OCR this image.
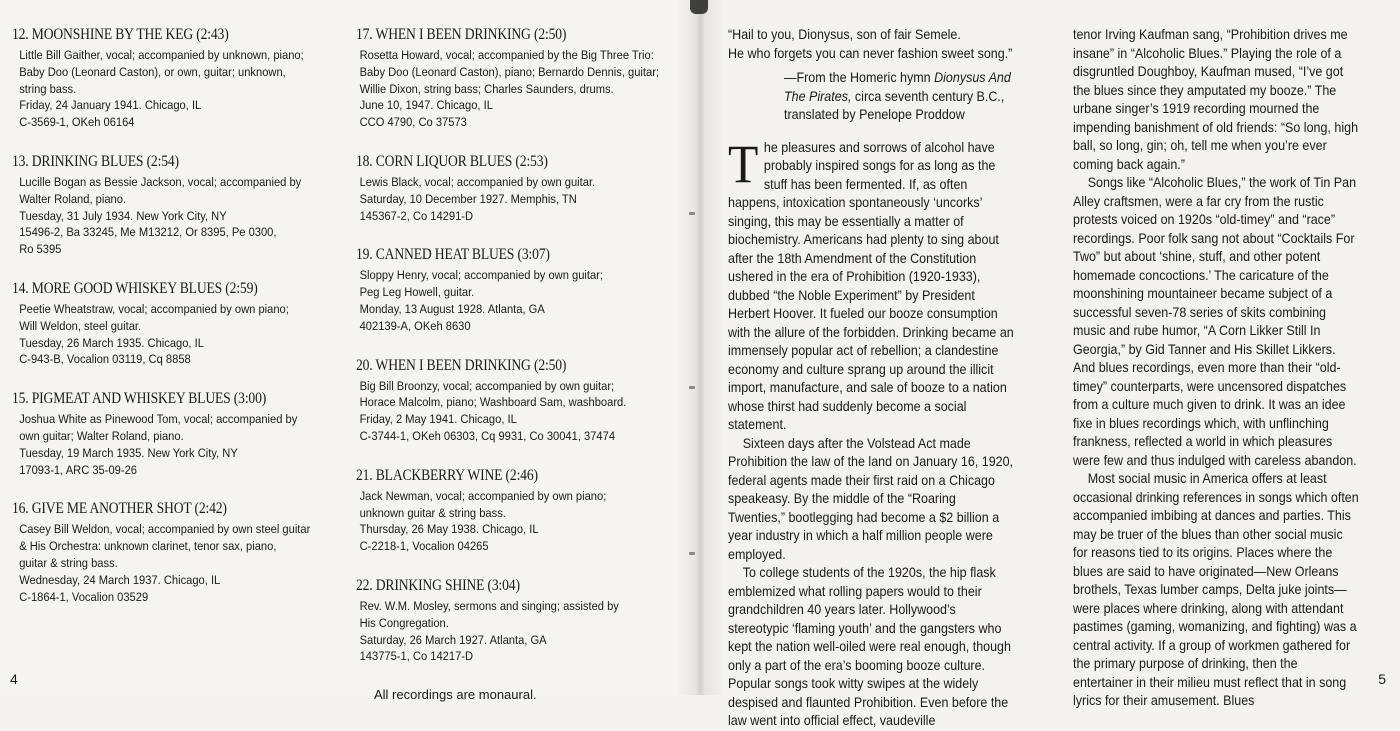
12. MOONSHINE BY THE KEG (2:43)
Little Bill Gaither, vocal; accompanied by unknown, piano;
Baby Doo (Leonard Caston), or own, guitar; unknown,
string bass.
Friday, 24 January 1941. Chicago, IL
C-3569-1, OKeh 06164
13. DRINKING BLUES (2:54)
Lucille Bogan as Bessie Jackson, vocal; accompanied by
Walter Roland, piano.
Tuesday, 31 July 1934. New York City, NY
15496-2, Ba 33245, Me M13212, Or 8395, Pe 0300,
Ro 5395
14. MORE GOOD WHISKEY BLUES (2:59)
Peetie Wheatstraw, vocal; accompanied by own piano;
Will Weldon, steel guitar.
Tuesday, 26 March 1935. Chicago, IL
C-943-B, Vocalion 03119, Cq 8858
15. PIGMEAT AND WHISKEY BLUES (3:00)
Joshua White as Pinewood Tom, vocal; accompanied by
own guitar; Walter Roland, piano.
Tuesday, 19 March 1935. New York City, NY
17093-1, ARC 35-09-26
16. GIVE ME ANOTHER SHOT (2:42)
Casey Bill Weldon, vocal; accompanied by own steel guitar
& His Orchestra: unknown clarinet, tenor sax, piano,
guitar & string bass.
Wednesday, 24 March 1937. Chicago, IL
C-1864-1, Vocalion 03529
17. WHEN I BEEN DRINKING (2:50)
Rosetta Howard, vocal; accompanied by the Big Three Trio:
Baby Doo (Leonard Caston), piano; Bernardo Dennis, guitar;
Willie Dixon, string bass; Charles Saunders, drums.
June 10, 1947. Chicago, IL
CCO 4790, Co 37573
18. CORN LIQUOR BLUES (2:53)
Lewis Black, vocal; accompanied by own guitar.
Saturday, 10 December 1927. Memphis, TN
145367-2, Co 14291-D
19. CANNED HEAT BLUES (3:07)
Sloppy Henry, vocal; accompanied by own guitar;
Peg Leg Howell, guitar.
Monday, 13 August 1928. Atlanta, GA
402139-A, OKeh 8630
20. WHEN I BEEN DRINKING (2:50)
Big Bill Broonzy, vocal; accompanied by own guitar;
Horace Malcolm, piano; Washboard Sam, washboard.
Friday, 2 May 1941. Chicago, IL
C-3744-1, OKeh 06303, Cq 9931, Co 30041, 37474
21. BLACKBERRY WINE (2:46)
Jack Newman, vocal; accompanied by own piano;
unknown guitar & string bass.
Thursday, 26 May 1938. Chicago, IL
C-2218-1, Vocalion 04265
22. DRINKING SHINE (3:04)
Rev. W.M. Mosley, sermons and singing; assisted by
His Congregation.
Saturday, 26 March 1927. Atlanta, GA
143775-1, Co 14217-D
All recordings are monaural.
4
“Hail to you, Dionysus, son of fair Semele.
He who forgets you can never fashion sweet song.”
—From the Homeric hymn Dionysus And
The Pirates, circa seventh century B.C.,
translated by Penelope Proddow

The pleasures and sorrows of alcohol have probably inspired songs for as long as the stuff has been fermented. If, as often happens, intoxication spontaneously ‘uncorks’ singing, this may be essentially a matter of biochemistry. Americans had plenty to sing about after the 18th Amendment of the Constitution ushered in the era of Prohibition (1920-1933), dubbed “the Noble Experiment” by President Herbert Hoover. It fueled our booze consumption with the allure of the forbidden. Drinking became an immensely popular act of rebellion; a clandestine economy and culture sprang up around the illicit import, manufacture, and sale of booze to a nation whose thirst had suddenly become a social statement.

Sixteen days after the Volstead Act made Prohibition the law of the land on January 16, 1920, federal agents made their first raid on a Chicago speakeasy. By the middle of the “Roaring Twenties,” bootlegging had become a $2 billion a year industry in which a half million people were employed.

To college students of the 1920s, the hip flask emblemized what rolling papers would to their grandchildren 40 years later. Hollywood’s stereotypic ‘flaming youth’ and the gangsters who kept the nation well-oiled were real enough, though only a part of the era’s booming booze culture. Popular songs took witty swipes at the widely despised and flaunted Prohibition. Even before the law went into official effect, vaudeville

tenor Irving Kaufman sang, “Prohibition drives me insane” in “Alcoholic Blues.” Playing the role of a disgruntled Doughboy, Kaufman mused, “I’ve got the blues since they amputated my booze.” The urbane singer’s 1919 recording mourned the impending banishment of old friends: “So long, high ball, so long, gin; oh, tell me when you’re ever coming back again.”

Songs like “Alcoholic Blues,” the work of Tin Pan Alley craftsmen, were a far cry from the rustic protests voiced on 1920s “old-timey” and “race” recordings. Poor folk sang not about “Cocktails For Two” but about ‘shine, stuff, and other potent homemade concoctions.’ The caricature of the moonshining mountaineer became subject of a successful seven-78 series of skits combining music and rube humor, “A Corn Likker Still In Georgia,” by Gid Tanner and His Skillet Likkers. And blues recordings, even more than their “old-timey” counterparts, were uncensored dispatches from a culture much given to drink. It was an idee fixe in blues recordings which, with unflinching frankness, reflected a world in which pleasures were few and thus indulged with careless abandon.

Most social music in America offers at least occasional drinking references in songs which often accompanied imbibing at dances and parties. This may be truer of the blues than other social music for reasons tied to its origins. Places where the blues are said to have originated—New Orleans brothels, Texas lumber camps, Delta juke joints—were places where drinking, along with attendant pastimes (gaming, womanizing, and fighting) was a central activity. If a group of workmen gathered for the primary purpose of drinking, then the entertainer in their milieu must reflect that in song lyrics for their amusement. Blues

5
